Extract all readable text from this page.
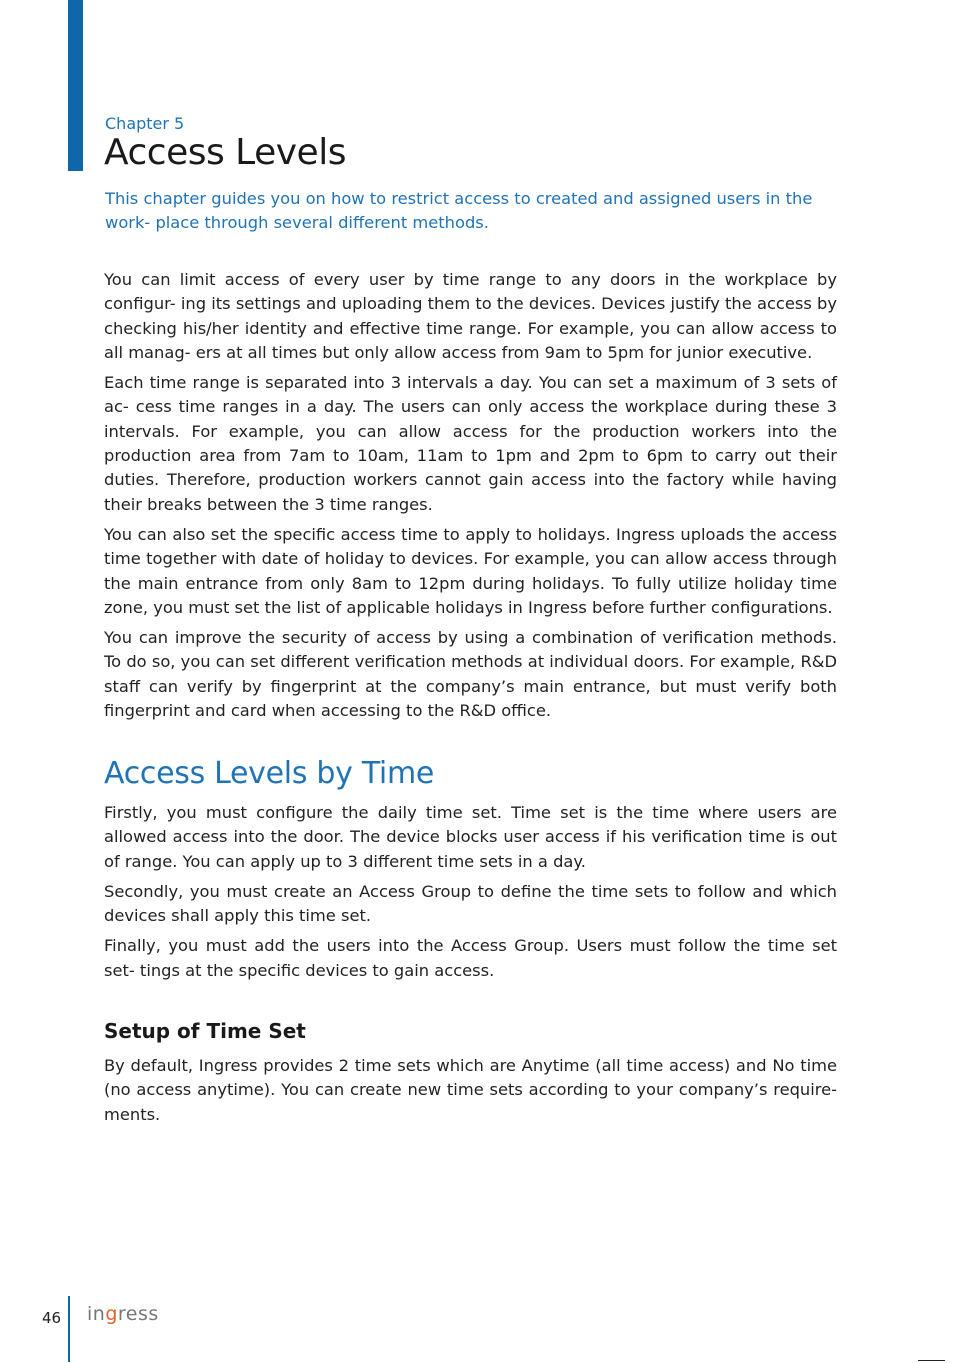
Chapter 5
Access Levels

This chapter guides you on how to restrict access to created and assigned users in the work- place through several different methods.

You can limit access of every user by time range to any doors in the workplace by configur- ing its settings and uploading them to the devices. Devices justify the access by checking his/her identity and effective time range. For example, you can allow access to all manag- ers at all times but only allow access from 9am to 5pm for junior executive.

Each time range is separated into 3 intervals a day. You can set a maximum of 3 sets of ac- cess time ranges in a day. The users can only access the workplace during these 3 intervals. For example, you can allow access for the production workers into the production area from 7am to 10am, 11am to 1pm and 2pm to 6pm to carry out their duties. Therefore, production workers cannot gain access into the factory while having their breaks between the 3 time ranges.

You can also set the specific access time to apply to holidays. Ingress uploads the access time together with date of holiday to devices. For example, you can allow access through the main entrance from only 8am to 12pm during holidays. To fully utilize holiday time zone, you must set the list of applicable holidays in Ingress before further configurations.

You can improve the security of access by using a combination of verification methods. To do so, you can set different verification methods at individual doors. For example, R&D staff can verify by fingerprint at the company’s main entrance, but must verify both fingerprint and card when accessing to the R&D office.

Access Levels by Time

Firstly, you must configure the daily time set. Time set is the time where users are allowed access into the door. The device blocks user access if his verification time is out of range. You can apply up to 3 different time sets in a day.

Secondly, you must create an Access Group to define the time sets to follow and which devices shall apply this time set.

Finally, you must add the users into the Access Group. Users must follow the time set set- tings at the specific devices to gain access.

Setup of Time Set

By default, Ingress provides 2 time sets which are Anytime (all time access) and No time (no access anytime). You can create new time sets according to your company’s require- ments.

46 ingress
